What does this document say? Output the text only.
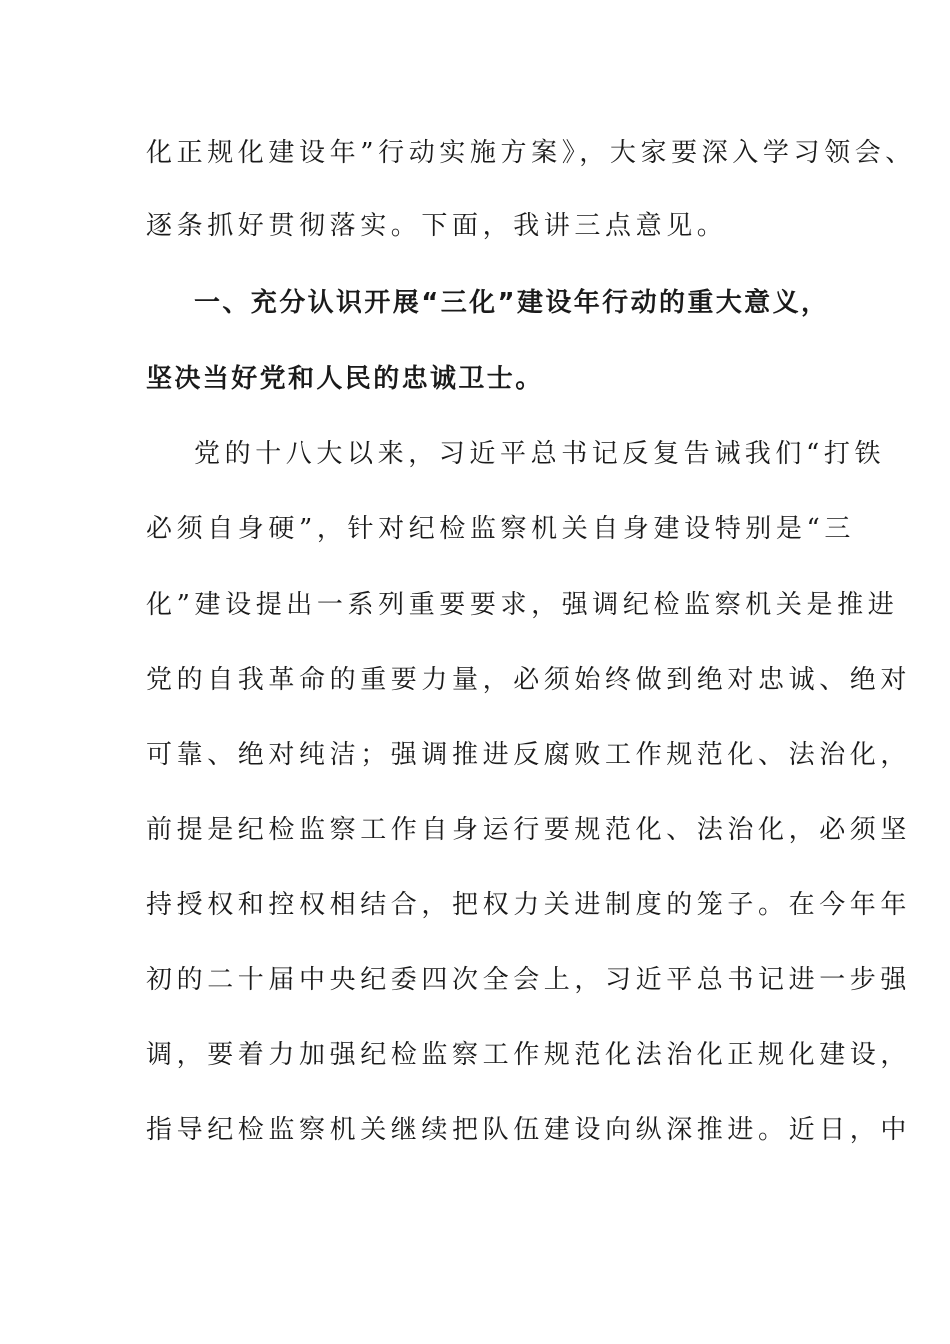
化正规化建设年”行动实施方案》，大家要深入学习领会、
逐条抓好贯彻落实。下面，我讲三点意见。
一、充分认识开展“三化”建设年行动的重大意义，
坚决当好党和人民的忠诚卫士。
党的十八大以来，习近平总书记反复告诫我们“打铁
必须自身硬”，针对纪检监察机关自身建设特别是“三
化”建设提出一系列重要要求，强调纪检监察机关是推进
党的自我革命的重要力量，必须始终做到绝对忠诚、绝对
可靠、绝对纯洁；强调推进反腐败工作规范化、法治化，
前提是纪检监察工作自身运行要规范化、法治化，必须坚
持授权和控权相结合，把权力关进制度的笼子。在今年年
初的二十届中央纪委四次全会上，习近平总书记进一步强
调，要着力加强纪检监察工作规范化法治化正规化建设，
指导纪检监察机关继续把队伍建设向纵深推进。近日，中
